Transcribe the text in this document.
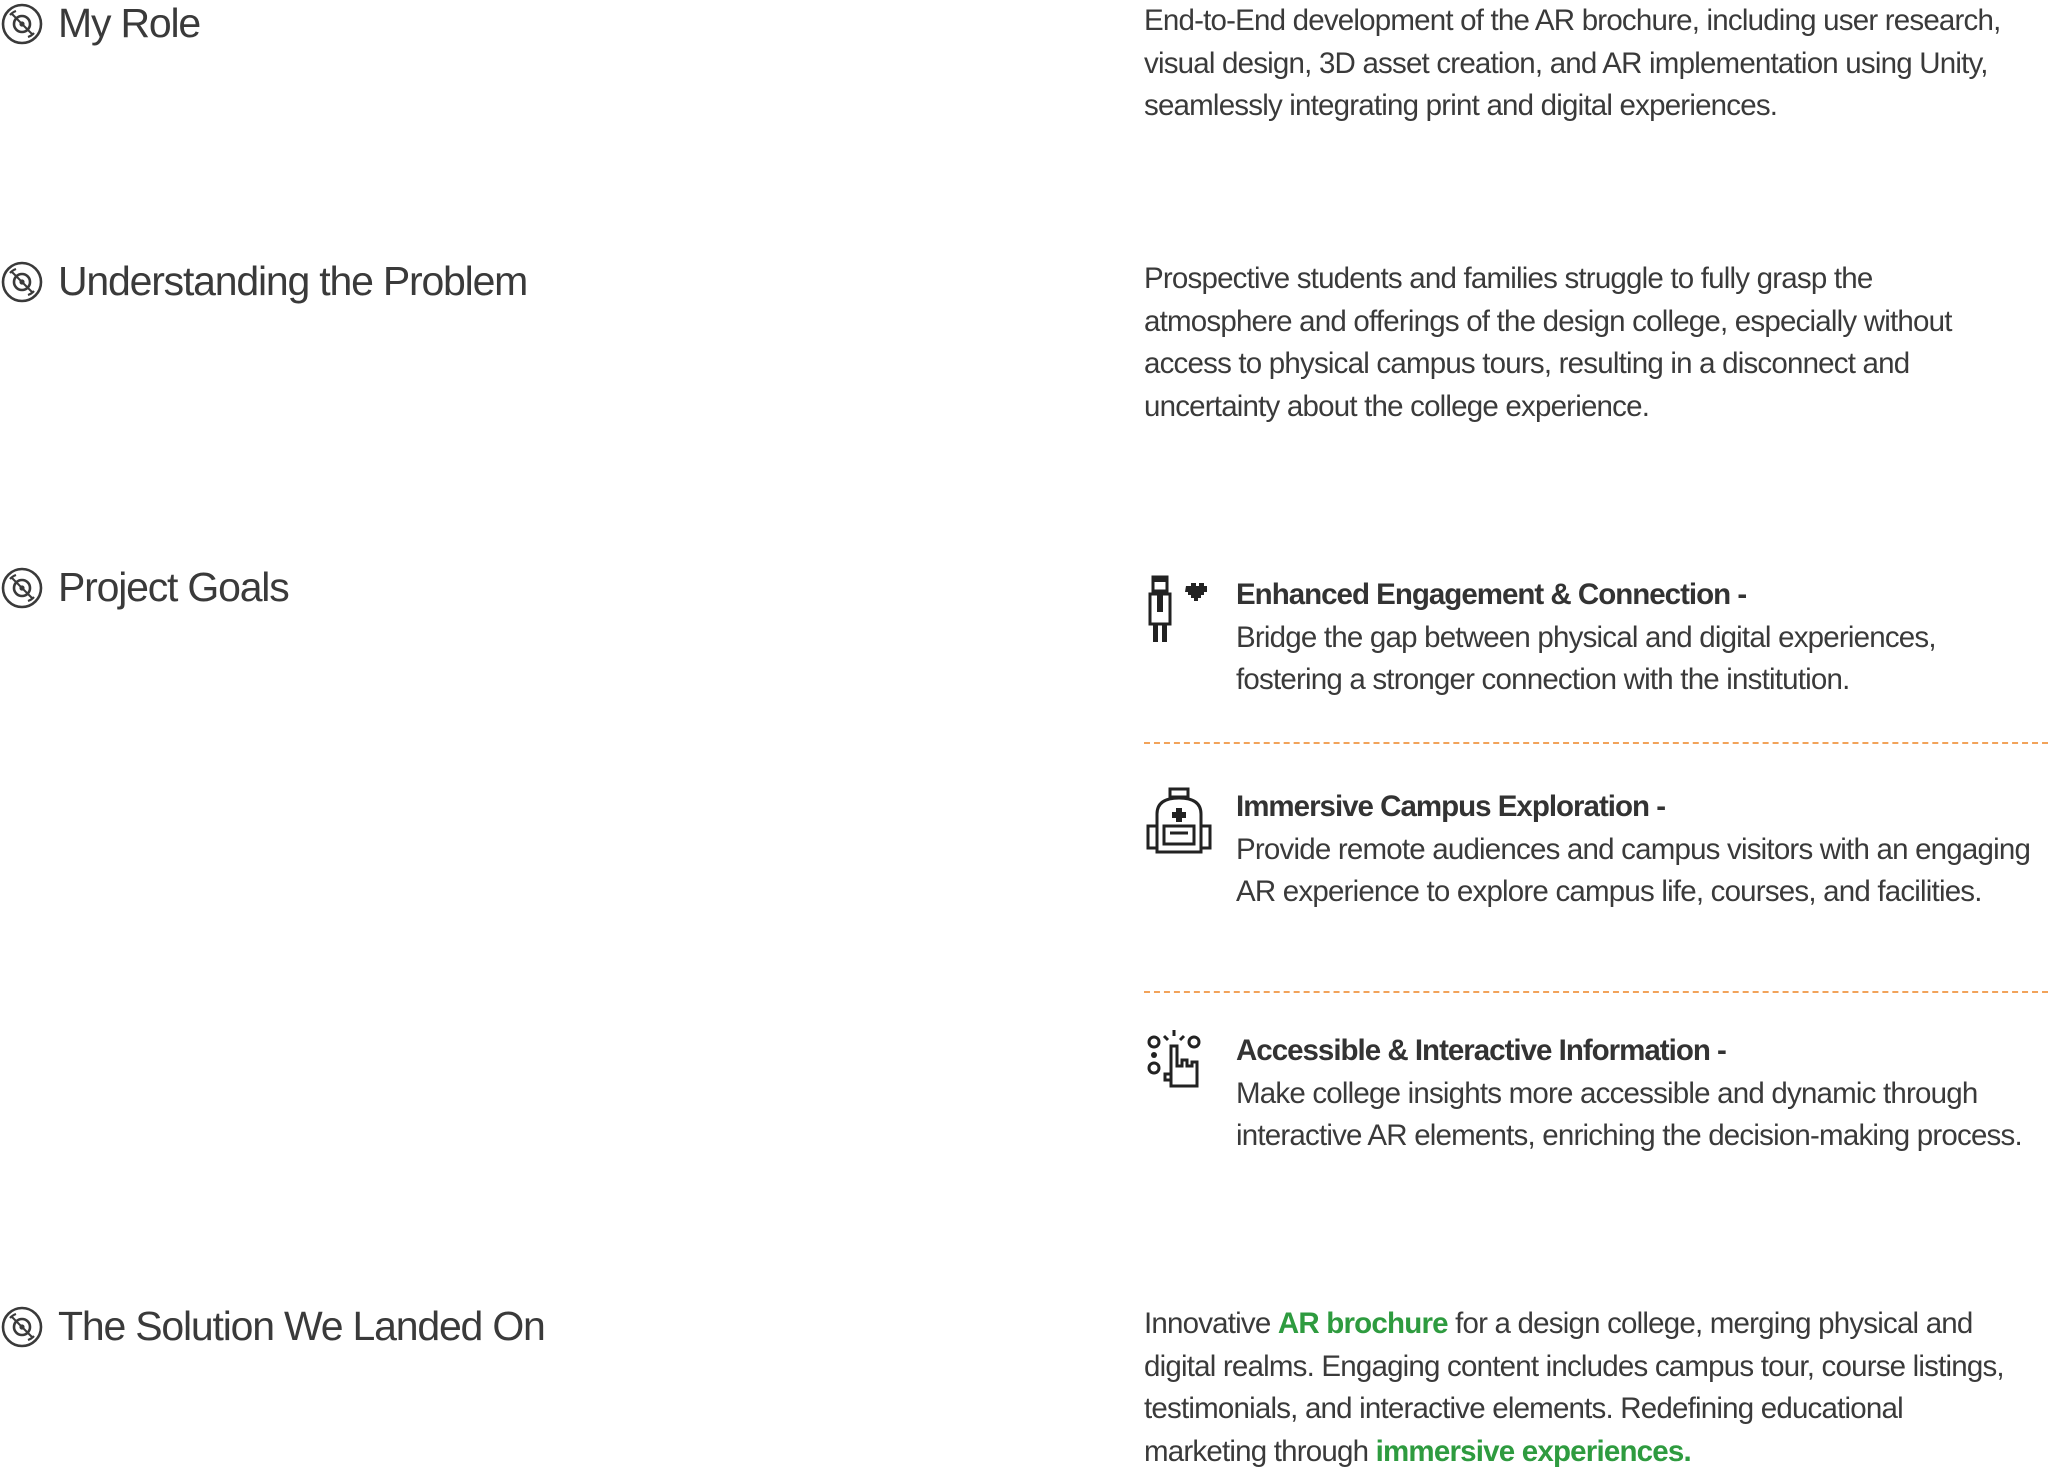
My Role	End-to-End development of the AR brochure, including user research, visual design, 3D asset creation, and AR implementation using Unity, seamlessly integrating print and digital experiences.
Understanding the Problem	Prospective students and families struggle to fully grasp the atmosphere and offerings of the design college, especially without access to physical campus tours, resulting in a disconnect and uncertainty about the college experience.
Project Goals	Enhanced Engagement & Connection -
Bridge the gap between physical and digital experiences, fostering a stronger connection with the institution.
Immersive Campus Exploration -
Provide remote audiences and campus visitors with an engaging AR experience to explore campus life, courses, and facilities.
Accessible & Interactive Information -
Make college insights more accessible and dynamic through interactive AR elements, enriching the decision-making process.
The Solution We Landed On	Innovative AR brochure for a design college, merging physical and digital realms. Engaging content includes campus tour, course listings, testimonials, and interactive elements. Redefining educational marketing through immersive experiences.
